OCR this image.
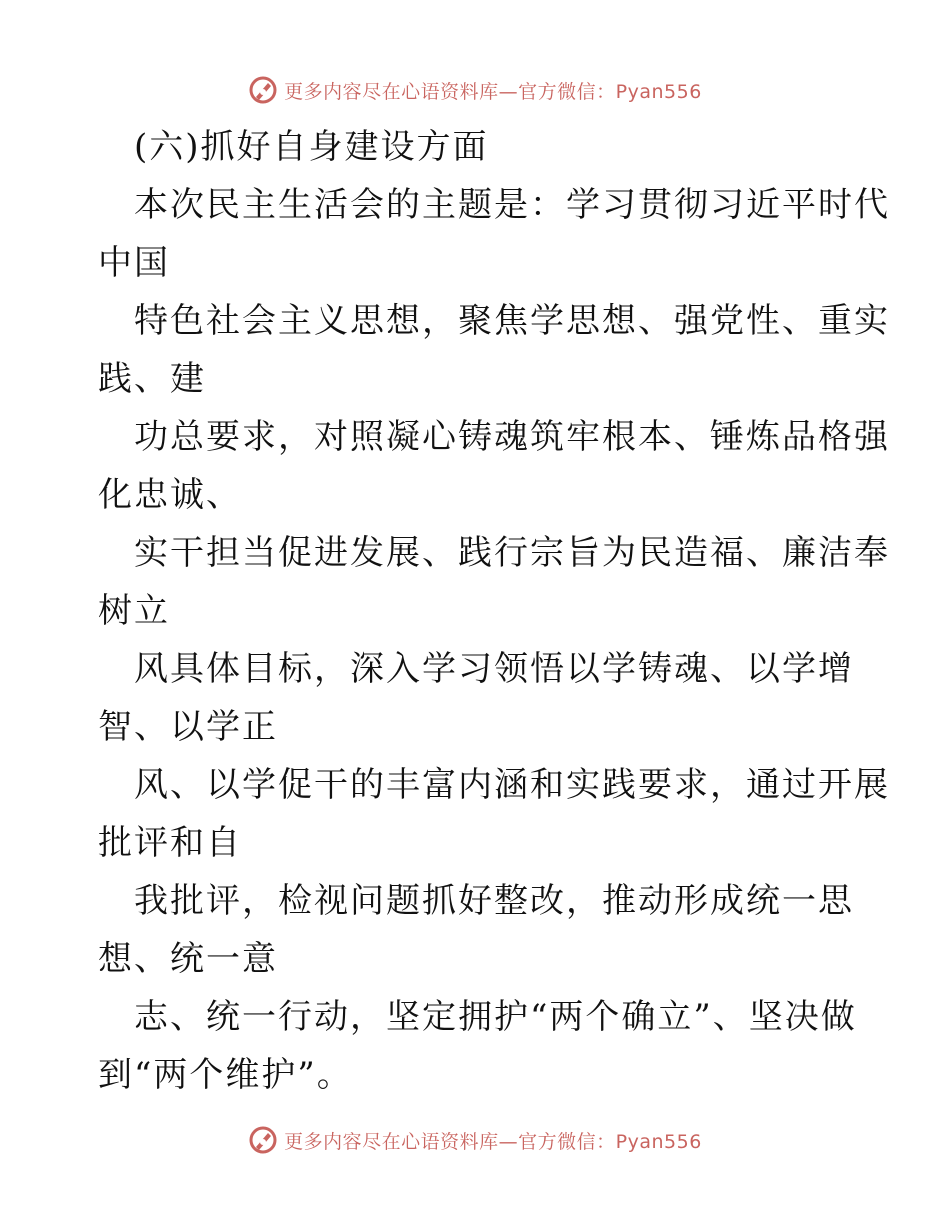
更多内容尽在心语资料库—官方微信：Pyan556
(六)抓好自身建设方面
本次民主生活会的主题是：学习贯彻习近平时代
中国
特色社会主义思想，聚焦学思想、强党性、重实
践、建
功总要求，对照凝心铸魂筑牢根本、锤炼品格强
化忠诚、
实干担当促进发展、践行宗旨为民造福、廉洁奉
树立
风具体目标，深入学习领悟以学铸魂、以学增
智、以学正
风、以学促干的丰富内涵和实践要求，通过开展
批评和自
我批评，检视问题抓好整改，推动形成统一思
想、统一意
志、统一行动，坚定拥护“两个确立”、坚决做
到“两个维护”。
更多内容尽在心语资料库—官方微信：Pyan556
